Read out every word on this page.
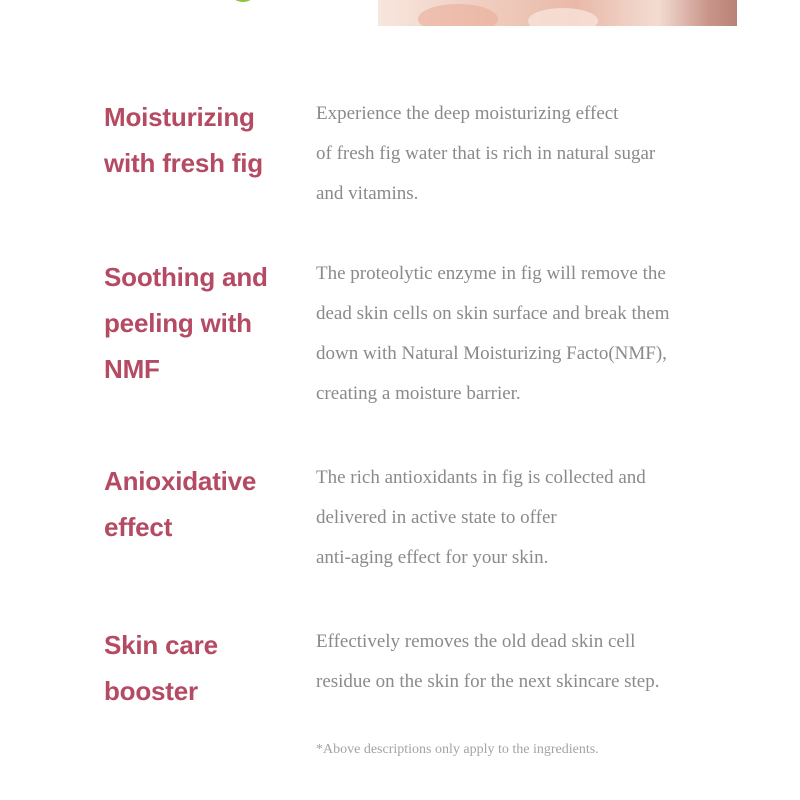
Moisturizing
with fresh fig

Experience the deep moisturizing effect
of fresh fig water that is rich in natural sugar
and vitamins.

Soothing and
peeling with
NMF

The proteolytic enzyme in fig will remove the
dead skin cells on skin surface and break them
down with Natural Moisturizing Facto(NMF),
creating a moisture barrier.

Anioxidative
effect

The rich antioxidants in fig is collected and
delivered in active state to offer
anti-aging effect for your skin.

Skin care
booster

Effectively removes the old dead skin cell
residue on the skin for the next skincare step.

*Above descriptions only apply to the ingredients.
